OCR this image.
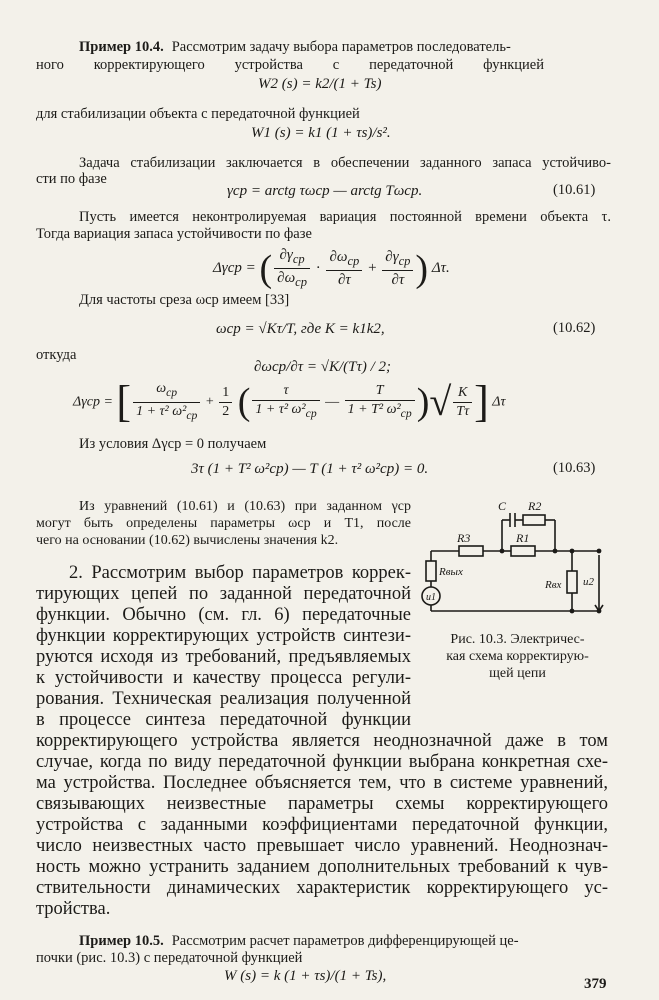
Пример 10.4. Рассмотрим задачу выбора параметров последователь-
ного корректирующего устройства с передаточной функцией
W2 (s) = k2/(1 + Ts)
для стабилизации объекта с передаточной функцией
W1 (s) = k1 (1 + τs)/s².
Задача стабилизации заключается в обеспечении заданного запаса устойчиво-
сти по фазе
γcp = arctg τωcp — arctg Tωcp.	(10.61)
Пусть имеется неконтролируемая вариация постоянной времени объекта τ.
Тогда вариация запаса устойчивости по фазе
Δγcp = ( $\frac{\partial\gamma_{cp}}{\partial\omega_{cp}} \cdot \frac{\partial\omega_{cp}}{\partial\tau} + \frac{\partial\gamma_{cp}}{\partial\tau}$ ) Δτ.
Для частоты среза ωcp имеем [33]
ωcp = √Kτ/T, где K = k1k2,	(10.62)
откуда
∂ωcp/∂τ = √K/(Tτ) / 2;
Δγcp = [ $\frac{\omega_{cp}}{1 + \tau^2 \omega^2_{cp}} + \frac{1}{2}$ ( $\frac{\tau}{1 + \tau^2 \omega^2_{cp}}$ — $\frac{T}{1 + T^2 \omega^2_{cp}}$ )√ $\frac{K}{T\tau}$ ] Δτ
Из условия Δγcp = 0 получаем
3τ (1 + T² ω²cp) — T (1 + τ² ω²cp) = 0.	(10.63)
Из уравнений (10.61) и (10.63) при заданном γcp
могут быть определены параметры ωcp и T1, после
чего на основании (10.62) вычислены значения k2.
2. Рассмотрим выбор параметров коррек-
тирующих цепей по заданной передаточной
функции. Обычно (см. гл. 6) передаточные
функции корректирующих устройств синтези-
руются исходя из требований, предъявляемых
к устойчивости и качеству процесса регули-
рования. Техническая реализация полученной
в процессе синтеза передаточной функции
корректирующего устройства является неоднозначной даже в том
случае, когда по виду передаточной функции выбрана конкретная схе-
ма устройства. Последнее объясняется тем, что в системе уравнений,
связывающих неизвестные параметры схемы корректирующего
устройства с заданными коэффициентами передаточной функции,
число неизвестных часто превышает число уравнений. Неоднознач-
ность можно устранить заданием дополнительных требований к чув-
ствительности динамических характеристик корректирующего ус-
тройства.
Пример 10.5. Рассмотрим расчет параметров дифференцирующей це-
почки (рис. 10.3) с передаточной функцией
W (s) = k (1 + τs)/(1 + Ts),	379
C R2
R3	R1
Rвых
u1
Rвх u2
Рис. 10.3. Электричес-
кая схема корректирую-
щей цепи
